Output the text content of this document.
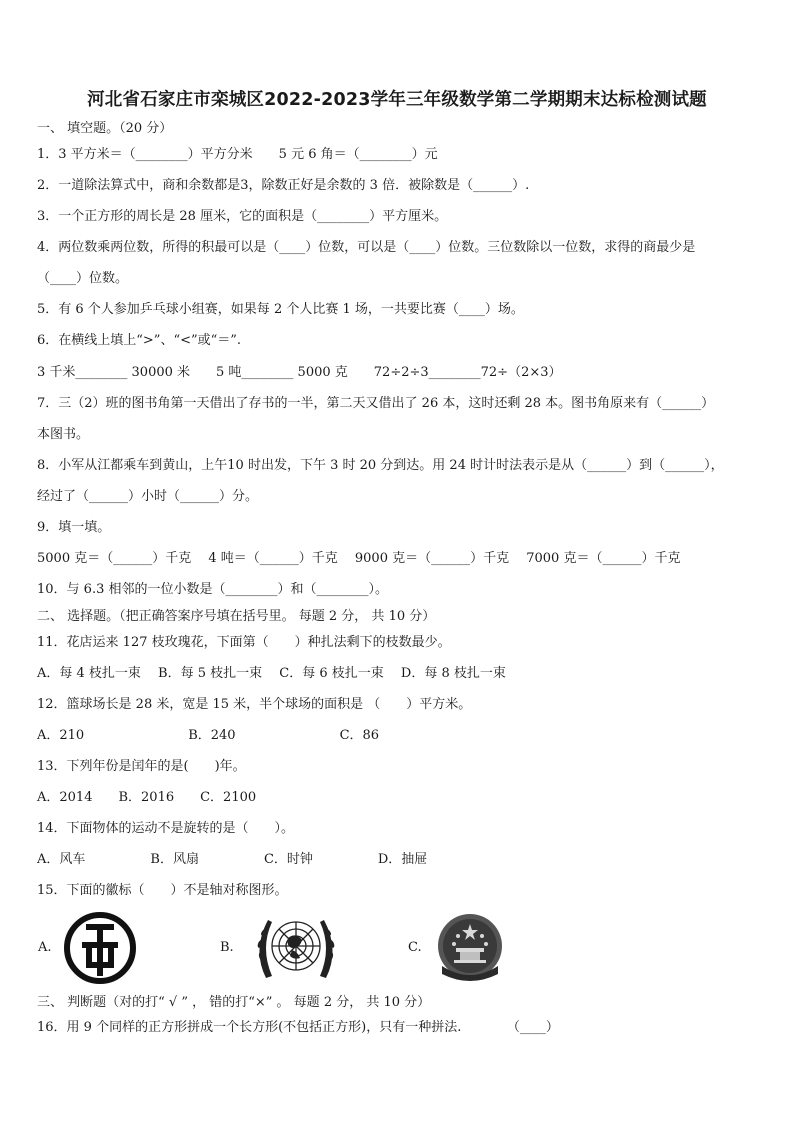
河北省石家庄市栾城区2022-2023学年三年级数学第二学期期末达标检测试题
一、 填空题。（20 分）
1．3 平方米＝（________）平方分米　　5 元 6 角＝（________）元
2．一道除法算式中，商和余数都是3，除数正好是余数的 3 倍．被除数是（______）.
3．一个正方形的周长是 28 厘米，它的面积是（________）平方厘米。
4．两位数乘两位数，所得的积最可以是（____）位数，可以是（____）位数。三位数除以一位数，求得的商最少是
（____）位数。
5．有 6 个人参加乒乓球小组赛，如果每 2 个人比赛 1 场，一共要比赛（____）场。
6．在横线上填上“>”、“<”或“＝”.
3 千米________ 30000 米　　5 吨________ 5000 克　　72÷2÷3________72÷（2×3）
7．三（2）班的图书角第一天借出了存书的一半，第二天又借出了 26 本，这时还剩 28 本。图书角原来有（______）
本图书。
8．小军从江都乘车到黄山，上午10 时出发，下午 3 时 20 分到达。用 24 时计时法表示是从（______）到（______），
经过了（______）小时（______）分。
9．填一填。
5000 克＝（______）千克　 4 吨＝（______）千克　 9000 克＝（______）千克　 7000 克＝（______）千克
10．与 6.3 相邻的一位小数是（________）和（________）。
二、 选择题。（把正确答案序号填在括号里。 每题 2 分， 共 10 分）
11．花店运来 127 枝玫瑰花，下面第（　　）种扎法剩下的枝数最少。
A．每 4 枝扎一束　 B．每 5 枝扎一束　 C．每 6 枝扎一束　 D．每 8 枝扎一束
12．篮球场长是 28 米，宽是 15 米，半个球场的面积是 （　　）平方米。
A．210　　　　　　　　B．240　　　　　　　　C．86
13．下列年份是闰年的是(　　)年。
A．2014　　B．2016　　C．2100
14．下面物体的运动不是旋转的是（　　）。
A．风车　　　　　B．风扇　　　　　C．时钟　　　　　D．抽屉
15．下面的徽标（　　）不是轴对称图形。
A.	B.	C.
三、 判断题（对的打“ √ ” ， 错的打“×” 。 每题 2 分， 共 10 分）
16．用 9 个同样的正方形拼成一个长方形(不包括正方形)，只有一种拼法.　　　　（____）
